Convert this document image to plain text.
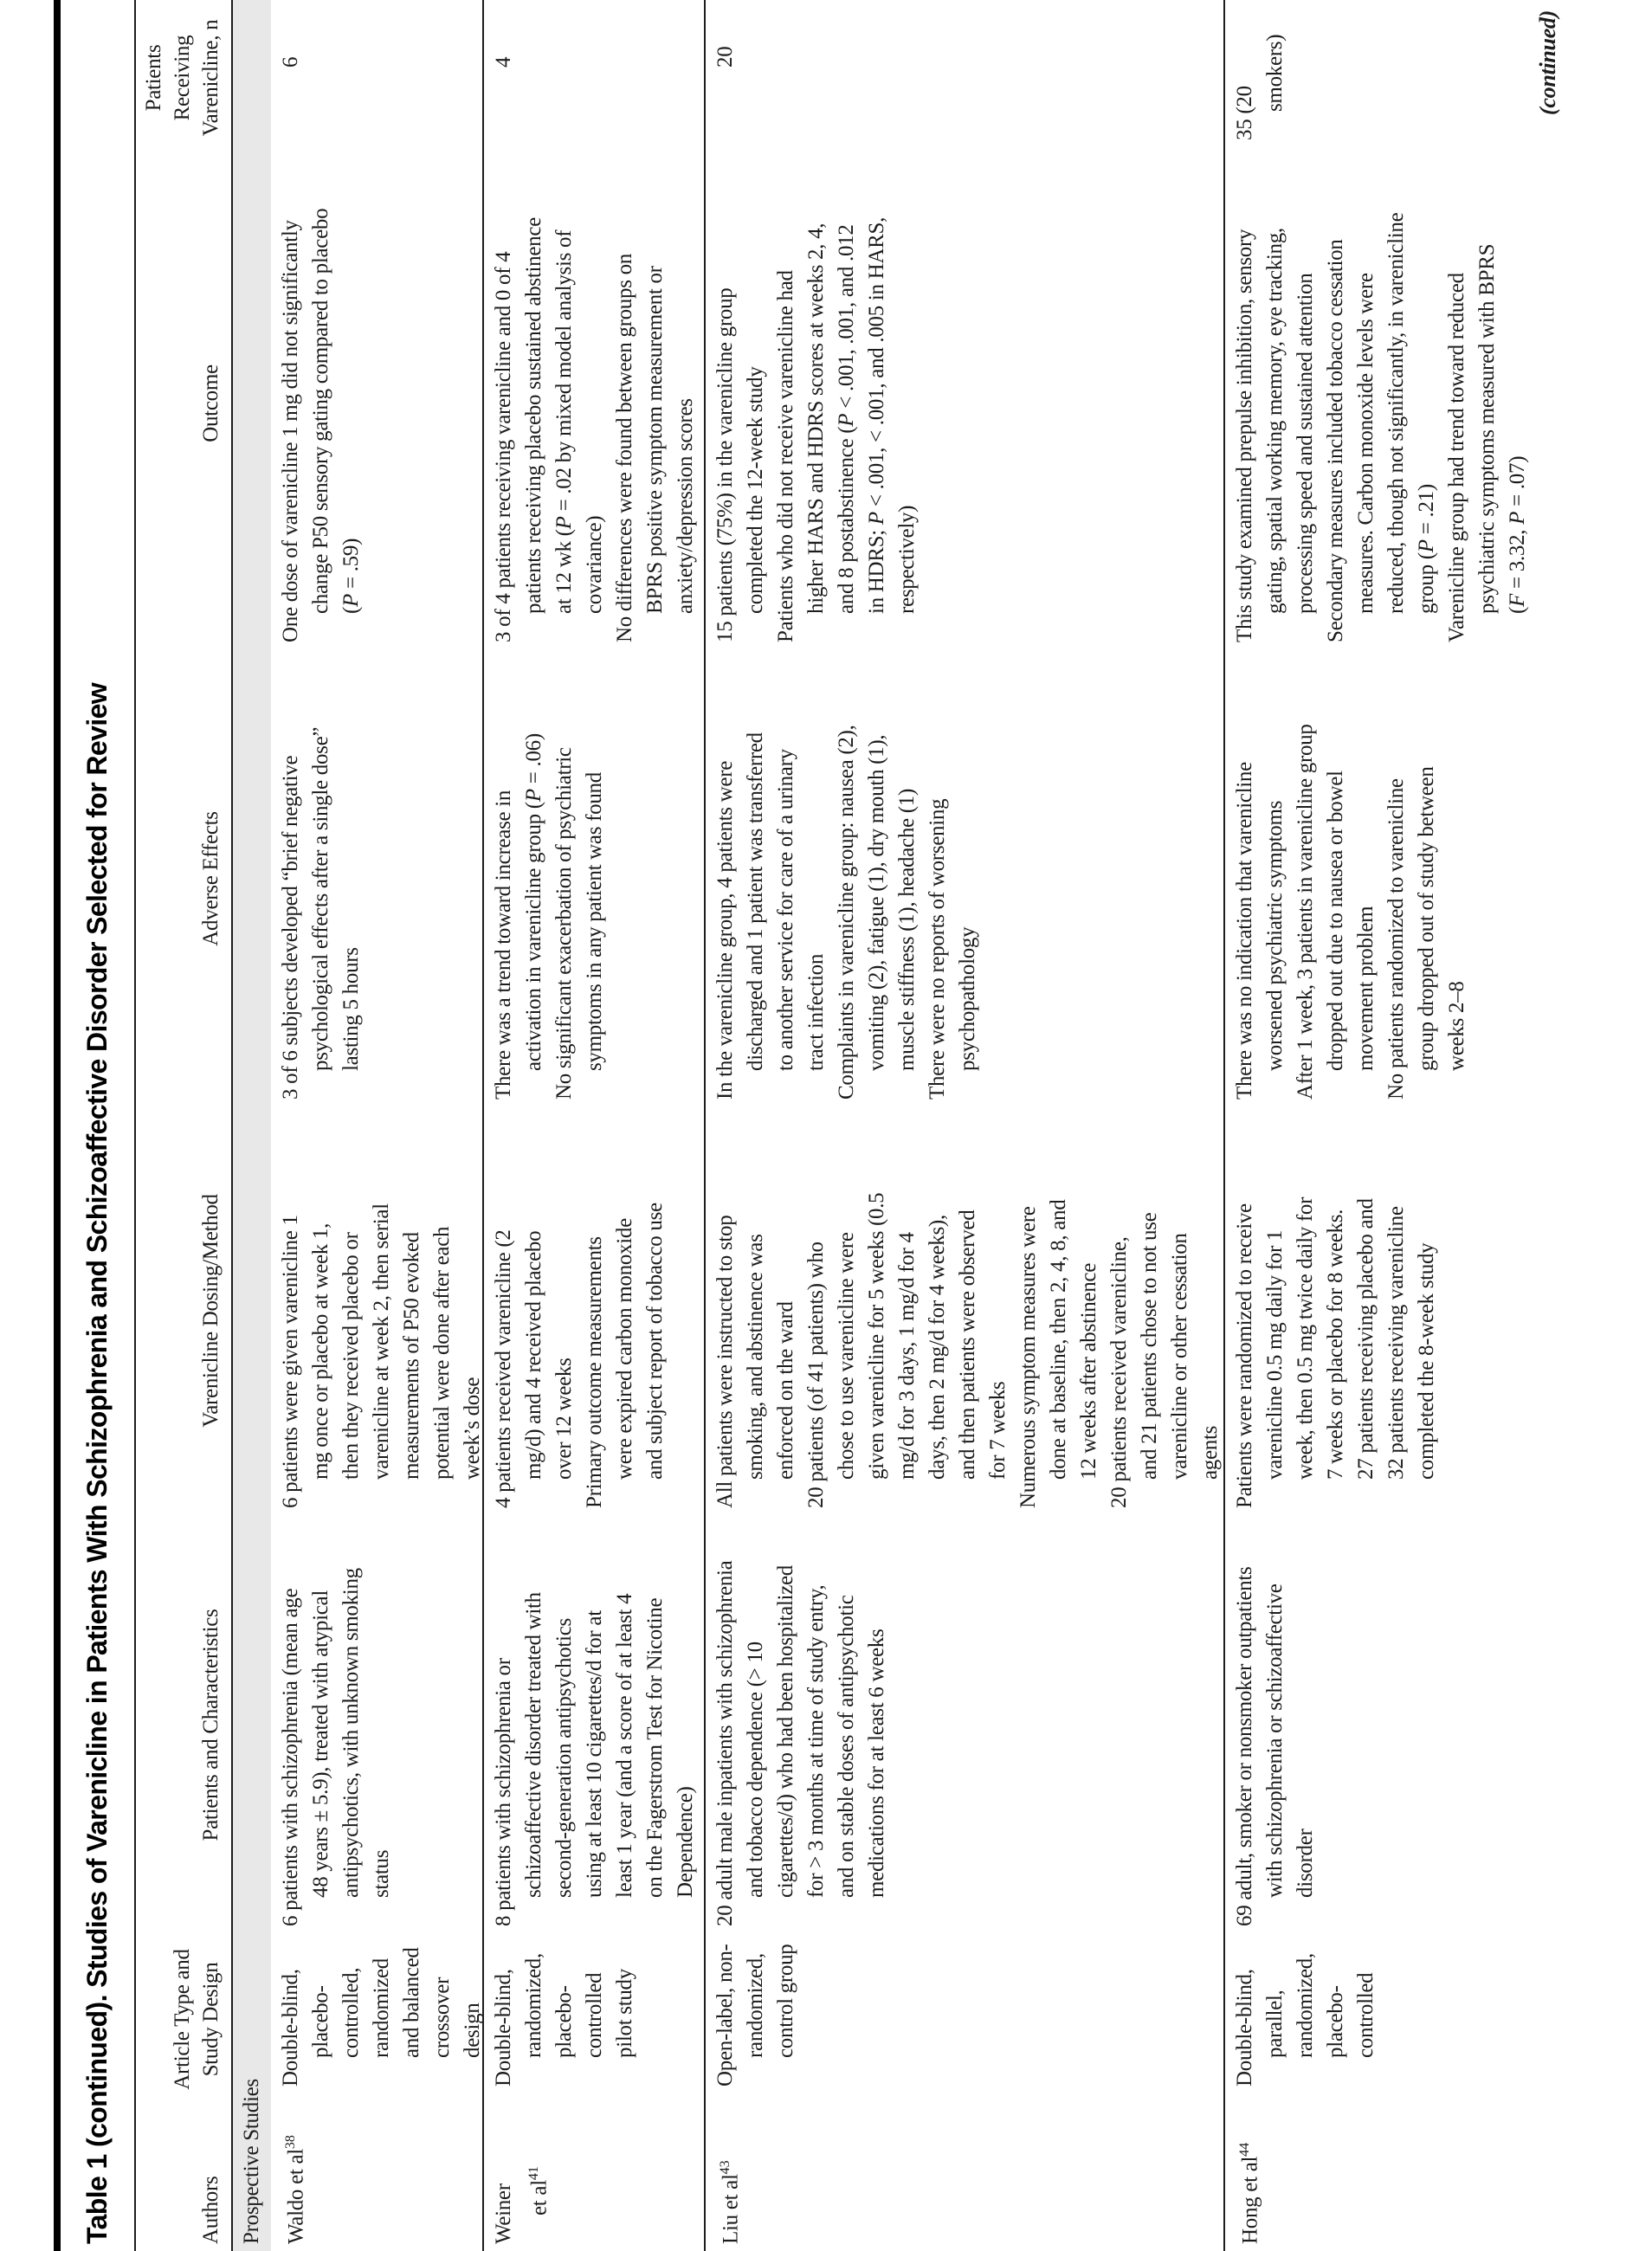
Table 1 (continued). Studies of Varenicline in Patients With Schizophrenia and Schizoaffective Disorder Selected for Review	Authors
Article Type and Study Design
Patients and Characteristics
Varenicline Dosing/Method
Adverse Effects
Outcome
Patients Receiving Varenicline, n
Prospective Studies Waldo et $al^{38}$
Double-blind, placebo- controlled, randomized and balanced crossover design
6 patients with schizophrenia (mean age 48 years ± 5.9), treated with atypical antipsychotics, with unknown smoking status
6 patients were given varenicline 1 mg once or placebo at week 1, then they received placebo or varenicline at week 2, then serial measurements of P50 evoked potential were done after each week’s dose
3 of 6 subjects developed “brief negative psychological effects after a single dose” lasting 5 hours
One dose of varenicline 1 mg did not significantly change P50 sensory gating compared to placebo (P = .59)
6
Weiner et $al^{41}$
Double-blind, randomized, placebo- controlled pilot study
8 patients with schizophrenia or schizoaffective disorder treated with second-generation antipsychotics using at least 10 cigarettes/d for at least 1 year (and a score of at least 4 on the Fagerstrom Test for Nicotine Dependence)
4 patients received varenicline (2 mg/d) and 4 received placebo over 12 weeks Primary outcome measurements were expired carbon monoxide and subject report of tobacco use
There was a trend toward increase in activation in varenicline group (P = .06) No significant exacerbation of psychiatric symptoms in any patient was found
3 of 4 patients receiving varenicline and 0 of 4 patients receiving placebo sustained abstinence at 12 wk (P = .02 by mixed model analysis of
covariance) No differences were found between groups on BPRS positive symptom measurement or anxiety/depression scores
4
Liu et $al^{43}$
Open-label, non- randomized, control group
20 adult male inpatients with schizophrenia and tobacco dependence (> 10 cigarettes/d) who had been hospitalized for > 3 months at time of study entry, and on stable doses of antipsychotic medications for at least 6 weeks
All patients were instructed to stop smoking, and abstinence was enforced on the ward 20 patients (of 41 patients) who chose to use varenicline were given varenicline for 5 weeks (0.5 mg/d for 3 days, 1 mg/d for 4 days, then 2 mg/d for 4 weeks), and then patients were observed for 7 weeks Numerous symptom measures were done at baseline, then 2, 4, 8, and 12 weeks after abstinence 20 patients received varenicline, and 21 patients chose to not use varenicline or other cessation agents
In the varenicline group, 4 patients were discharged and 1 patient was transferred to another service for care of a urinary tract infection Complaints in varenicline group: nausea (2), vomiting (2), fatigue (1), dry mouth (1), muscle stiffness (1), headache (1) There were no reports of worsening psychopathology
15 patients (75%) in the varenicline group completed the 12-week study Patients who did not receive varenicline had higher HARS and HDRS scores at weeks 2, 4, and 8 postabstinence (P < .001, .001, and .012
in HDRS; P < .001, < .001, and .005 in HARS,
respectively)
20
Hong et $al^{44}$
Double-blind, parallel, randomized, placebo- controlled
69 adult, smoker or nonsmoker outpatients with schizophrenia or schizoaffective disorder
Patients were randomized to receive varenicline 0.5 mg daily for 1 week, then 0.5 mg twice daily for 7 weeks or placebo for 8 weeks. 27 patients receiving placebo and 32 patients receiving varenicline completed the 8-week study
There was no indication that varenicline worsened psychiatric symptoms After 1 week, 3 patients in varenicline group dropped out due to nausea or bowel movement problem No patients randomized to varenicline group dropped out of study between weeks 2–8
This study examined prepulse inhibition, sensory gating, spatial working memory, eye tracking, processing speed and sustained attention Secondary measures included tobacco cessation measures. Carbon monoxide levels were reduced, though not significantly, in varenicline group (P = .21) Varenicline group had trend toward reduced psychiatric symptoms measured with BPRS (F = 3.32, P = .07)
35 (20
smokers)	(continued)
